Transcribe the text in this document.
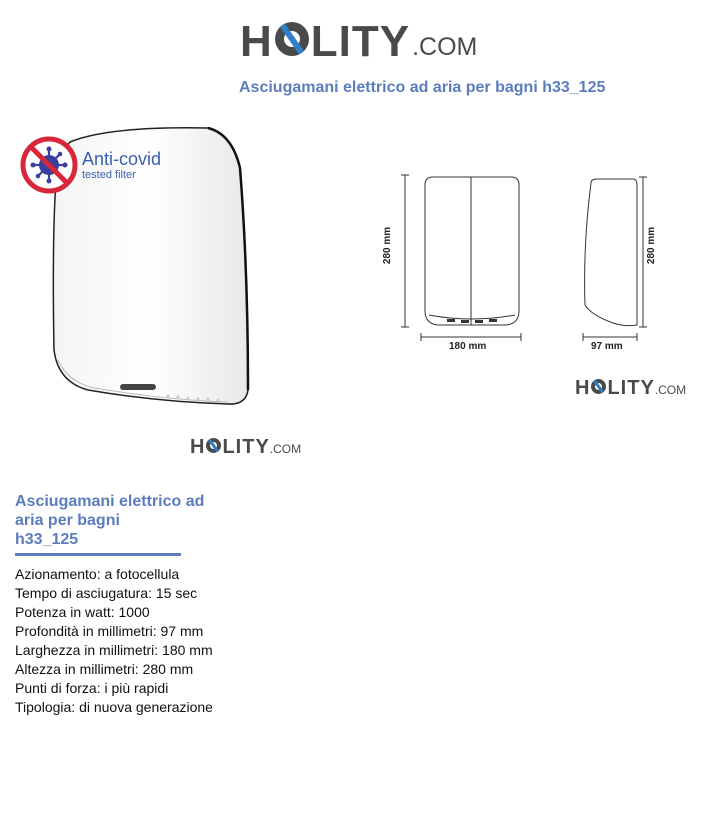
H LITY .COM
Asciugamani elettrico ad aria per bagni h33_125
Anti-covid
tested filter
H LITY .COM
280 mm
180 mm
280 mm
97 mm
H LITY .COM
Asciugamani elettrico ad
aria per bagni
h33_125
Azionamento: a fotocellula
Tempo di asciugatura: 15 sec
Potenza in watt: 1000
Profondità in millimetri: 97 mm
Larghezza in millimetri: 180 mm
Altezza in millimetri: 280 mm
Punti di forza: i più rapidi
Tipologia: di nuova generazione
